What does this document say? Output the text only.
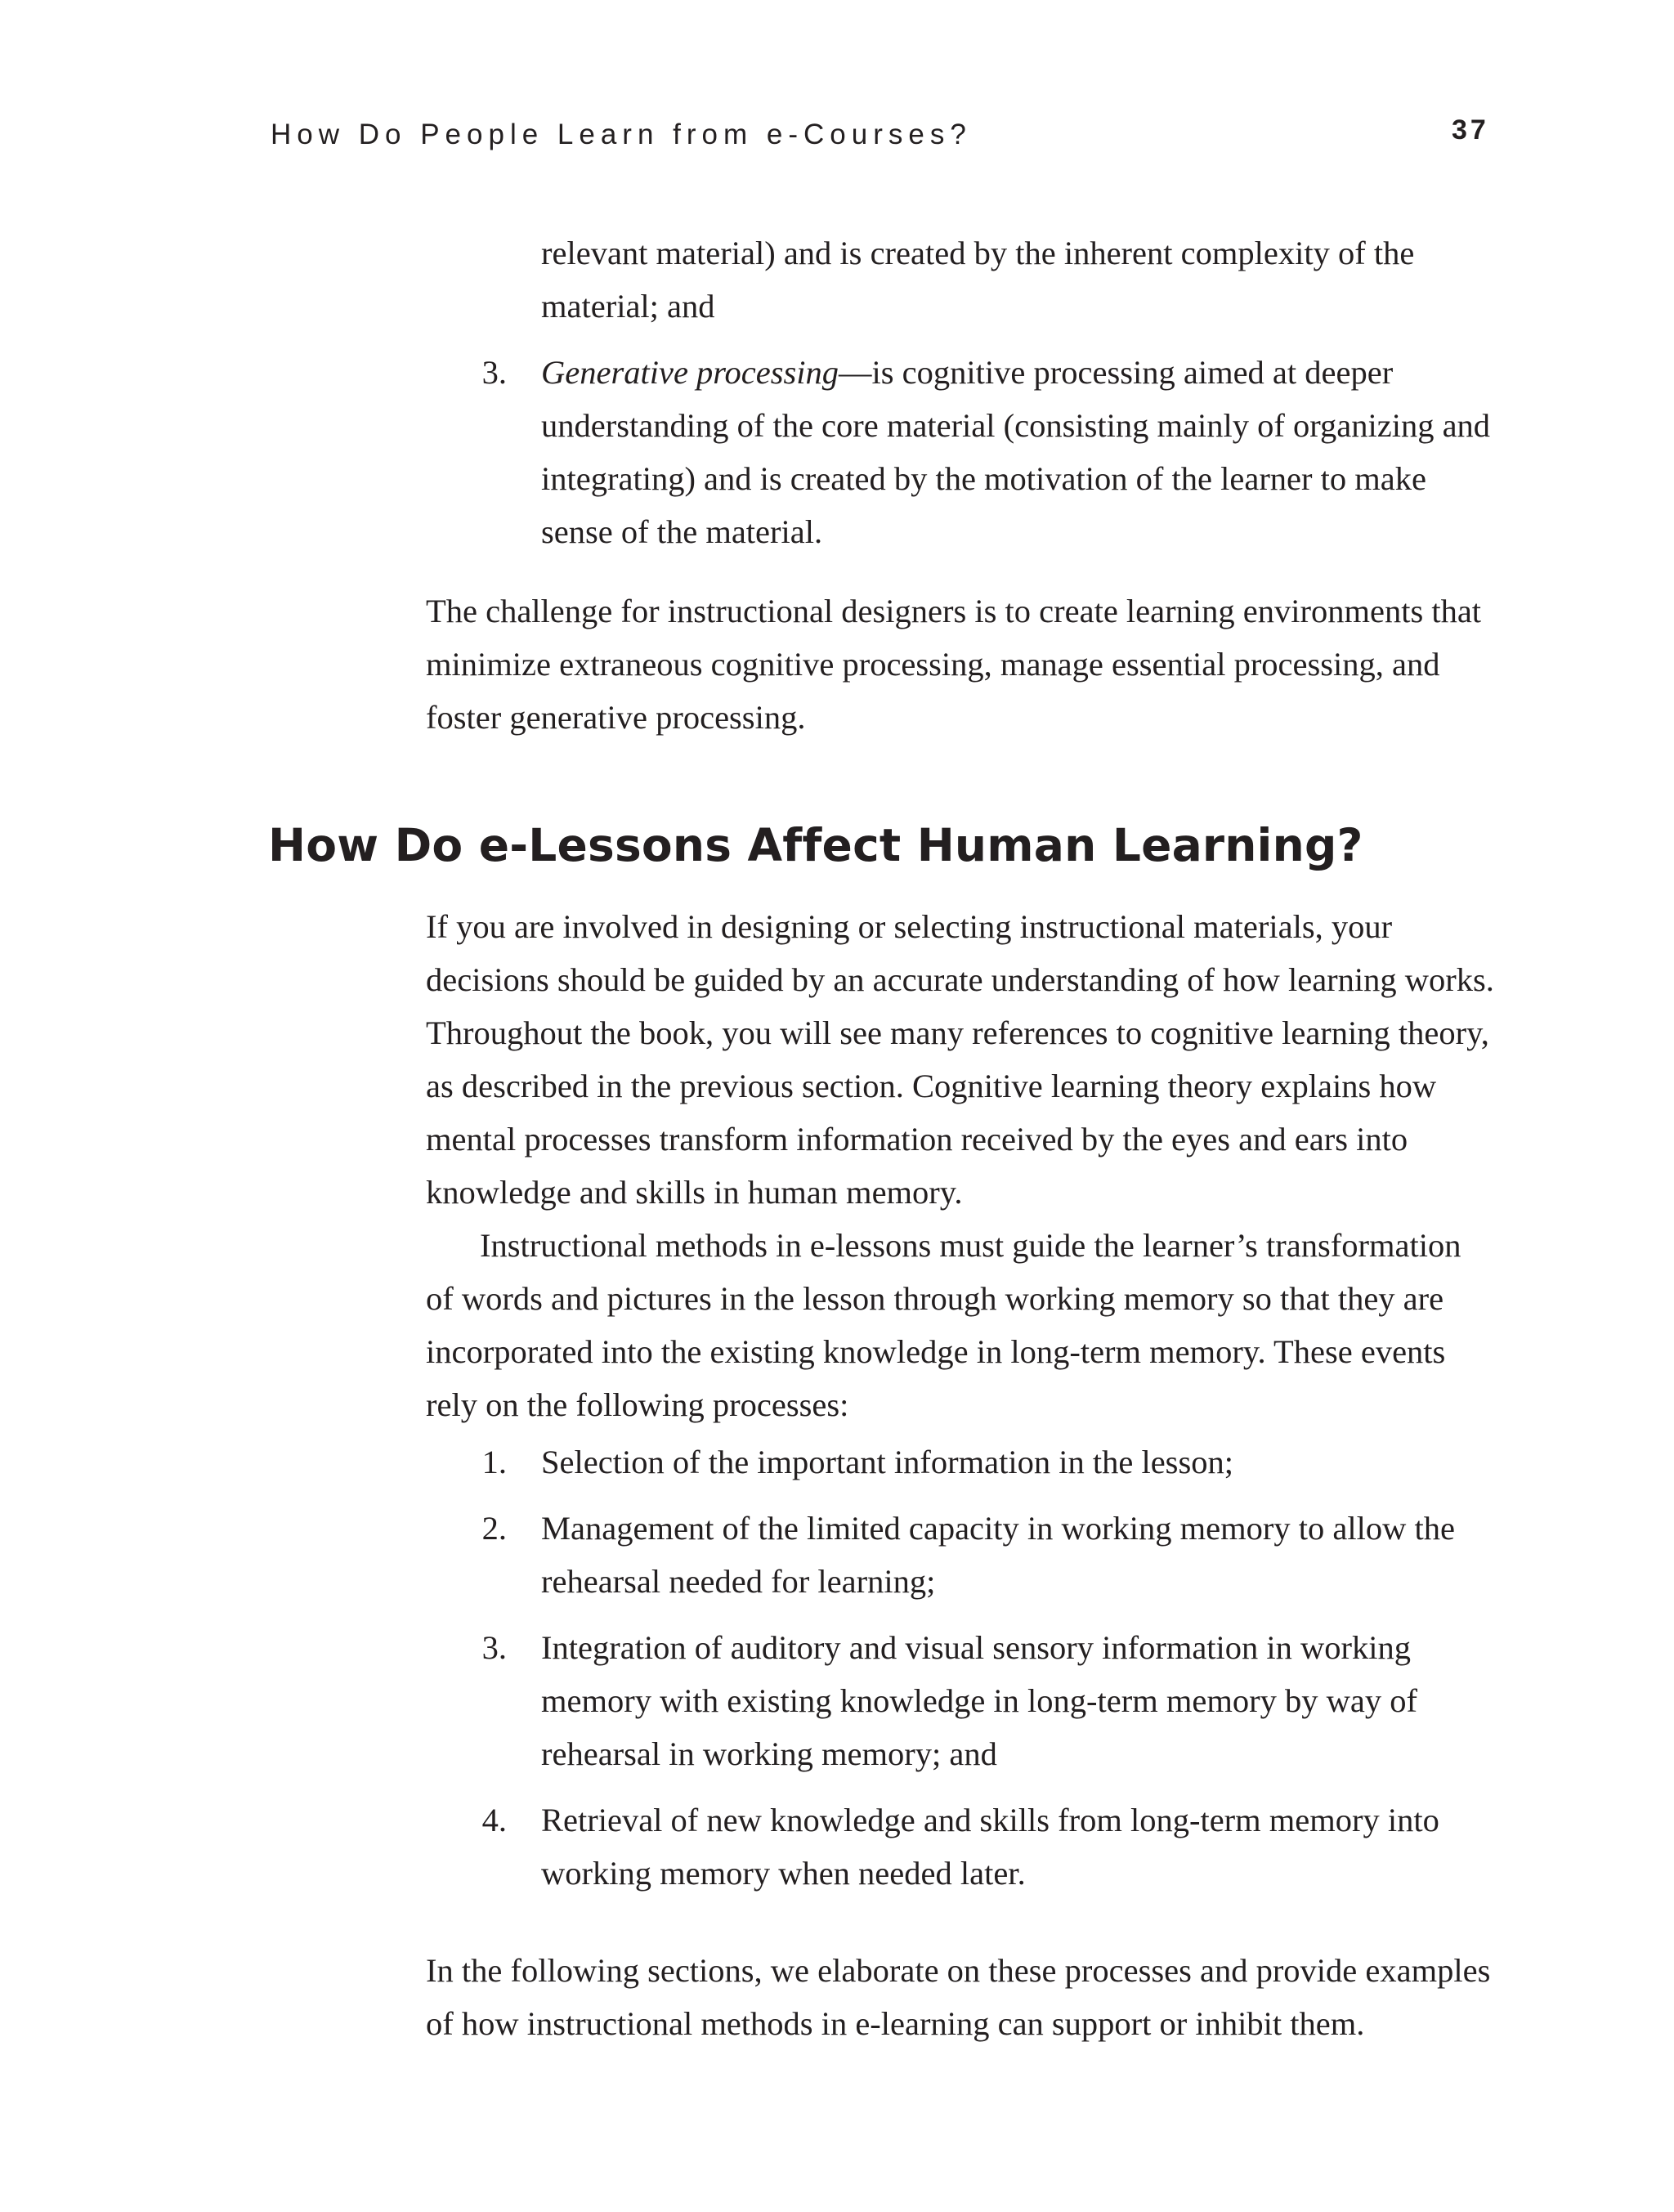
How Do People Learn from e-Courses?	37

relevant material) and is created by the inherent complexity of the material; and

3. Generative processing—is cognitive processing aimed at deeper understanding of the core material (consisting mainly of organizing and integrating) and is created by the motivation of the learner to make sense of the material.

The challenge for instructional designers is to create learning environments that minimize extraneous cognitive processing, manage essential processing, and foster generative processing.

How Do e-Lessons Affect Human Learning?

If you are involved in designing or selecting instructional materials, your decisions should be guided by an accurate understanding of how learning works. Throughout the book, you will see many references to cognitive learning theory, as described in the previous section. Cognitive learning theory explains how mental processes transform information received by the eyes and ears into knowledge and skills in human memory.

Instructional methods in e-lessons must guide the learner’s transformation of words and pictures in the lesson through working memory so that they are incorporated into the existing knowledge in long-term memory. These events rely on the following processes:

1. Selection of the important information in the lesson;

2. Management of the limited capacity in working memory to allow the rehearsal needed for learning;

3. Integration of auditory and visual sensory information in working memory with existing knowledge in long-term memory by way of rehearsal in working memory; and

4. Retrieval of new knowledge and skills from long-term memory into working memory when needed later.

In the following sections, we elaborate on these processes and provide examples of how instructional methods in e-learning can support or inhibit them.
